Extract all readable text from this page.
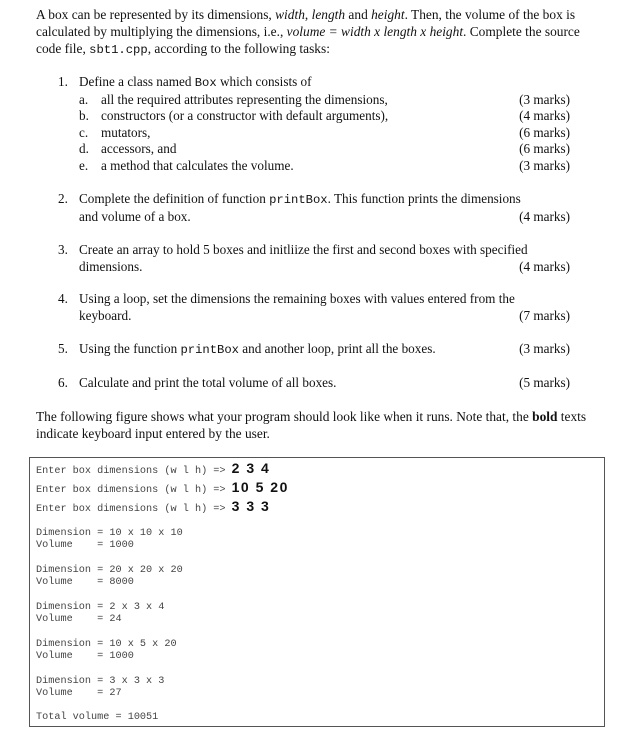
A box can be represented by its dimensions, width, length and height. Then, the volume of the box is calculated by multiplying the dimensions, i.e., volume = width x length x height. Complete the source code file, sbt1.cpp, according to the following tasks:
1. Define a class named Box which consists of
a. all the required attributes representing the dimensions,	(3 marks)
b. constructors (or a constructor with default arguments),	(4 marks)
c. mutators,	(6 marks)
d. accessors, and	(6 marks)
e. a method that calculates the volume.	(3 marks)
2. Complete the definition of function printBox. This function prints the dimensions
and volume of a box.	(4 marks)
3. Create an array to hold 5 boxes and initliize the first and second boxes with specified
dimensions.	(4 marks)
4. Using a loop, set the dimensions the remaining boxes with values entered from the
keyboard.	(7 marks)
5. Using the function printBox and another loop, print all the boxes.	(3 marks)
6. Calculate and print the total volume of all boxes.	(5 marks)
The following figure shows what your program should look like when it runs. Note that, the bold texts indicate keyboard input entered by the user.
Enter box dimensions (w l h) => 2 3 4
Enter box dimensions (w l h) => 10 5 20
Enter box dimensions (w l h) => 3 3 3
Dimension = 10 x 10 x 10
Volume    = 1000
Dimension = 20 x 20 x 20
Volume    = 8000
Dimension = 2 x 3 x 4
Volume    = 24
Dimension = 10 x 5 x 20
Volume    = 1000
Dimension = 3 x 3 x 3
Volume    = 27
Total volume = 10051
